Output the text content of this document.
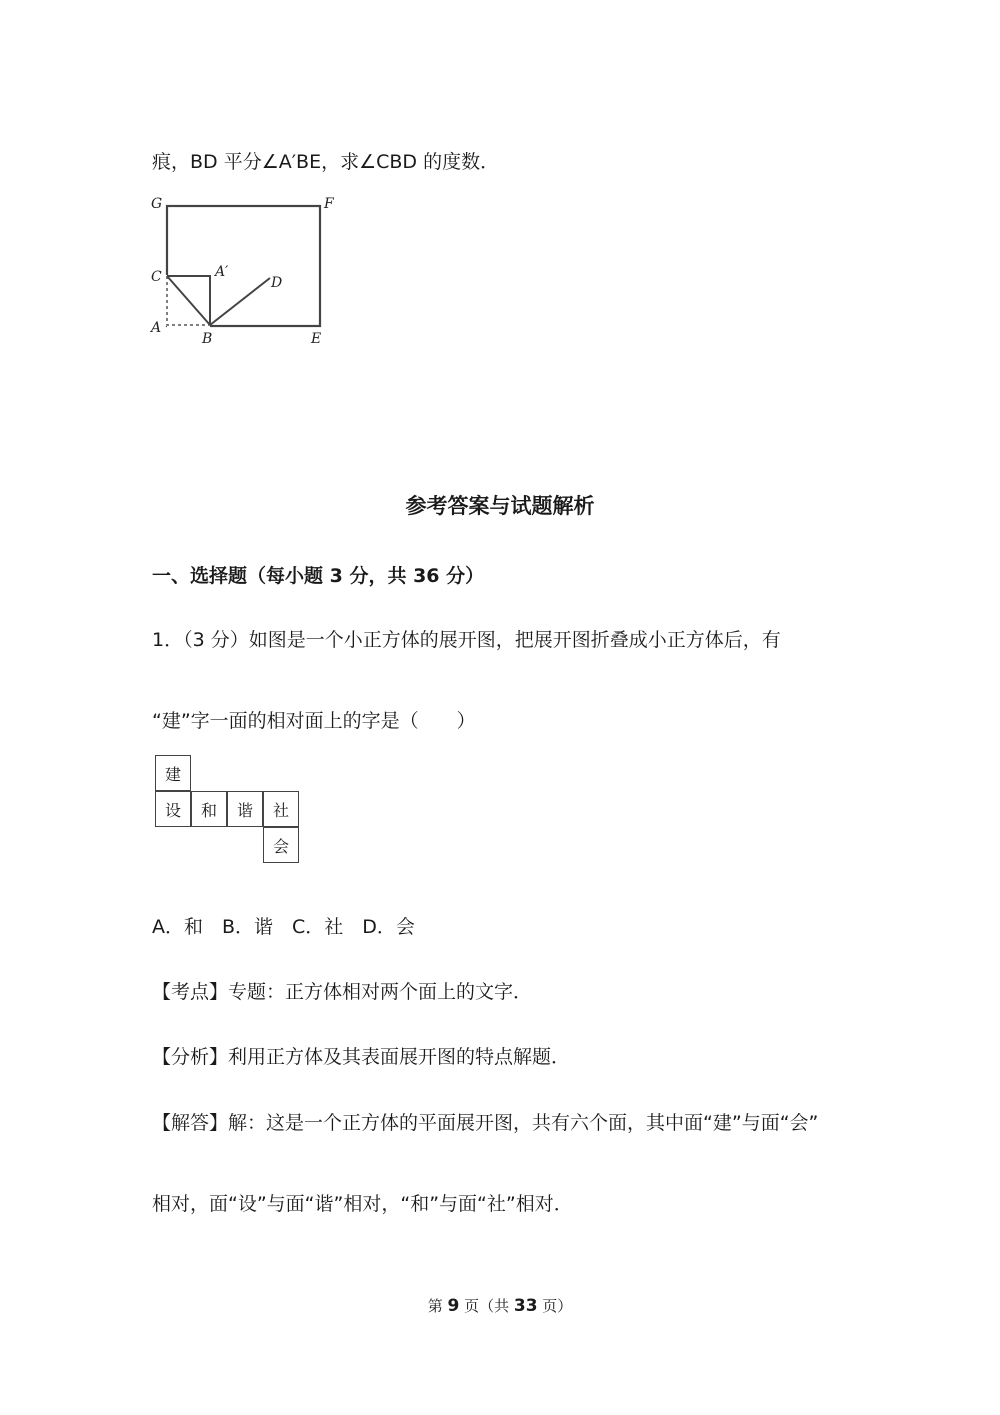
痕，BD 平分∠A′BE，求∠CBD 的度数．
G	F
C	A′
D
A
B	E
参考答案与试题解析
一、选择题（每小题 3 分，共 36 分）
1．（3 分）如图是一个小正方体的展开图，把展开图折叠成小正方体后，有
“建”字一面的相对面上的字是（　　）
建
设	和	谐	社
会
A．和　B．谐　C．社　D．会
【考点】专题：正方体相对两个面上的文字．
【分析】利用正方体及其表面展开图的特点解题．
【解答】解：这是一个正方体的平面展开图，共有六个面，其中面“建”与面“会”
相对，面“设”与面“谐”相对，“和”与面“社”相对．
第 9 页（共 33 页）
